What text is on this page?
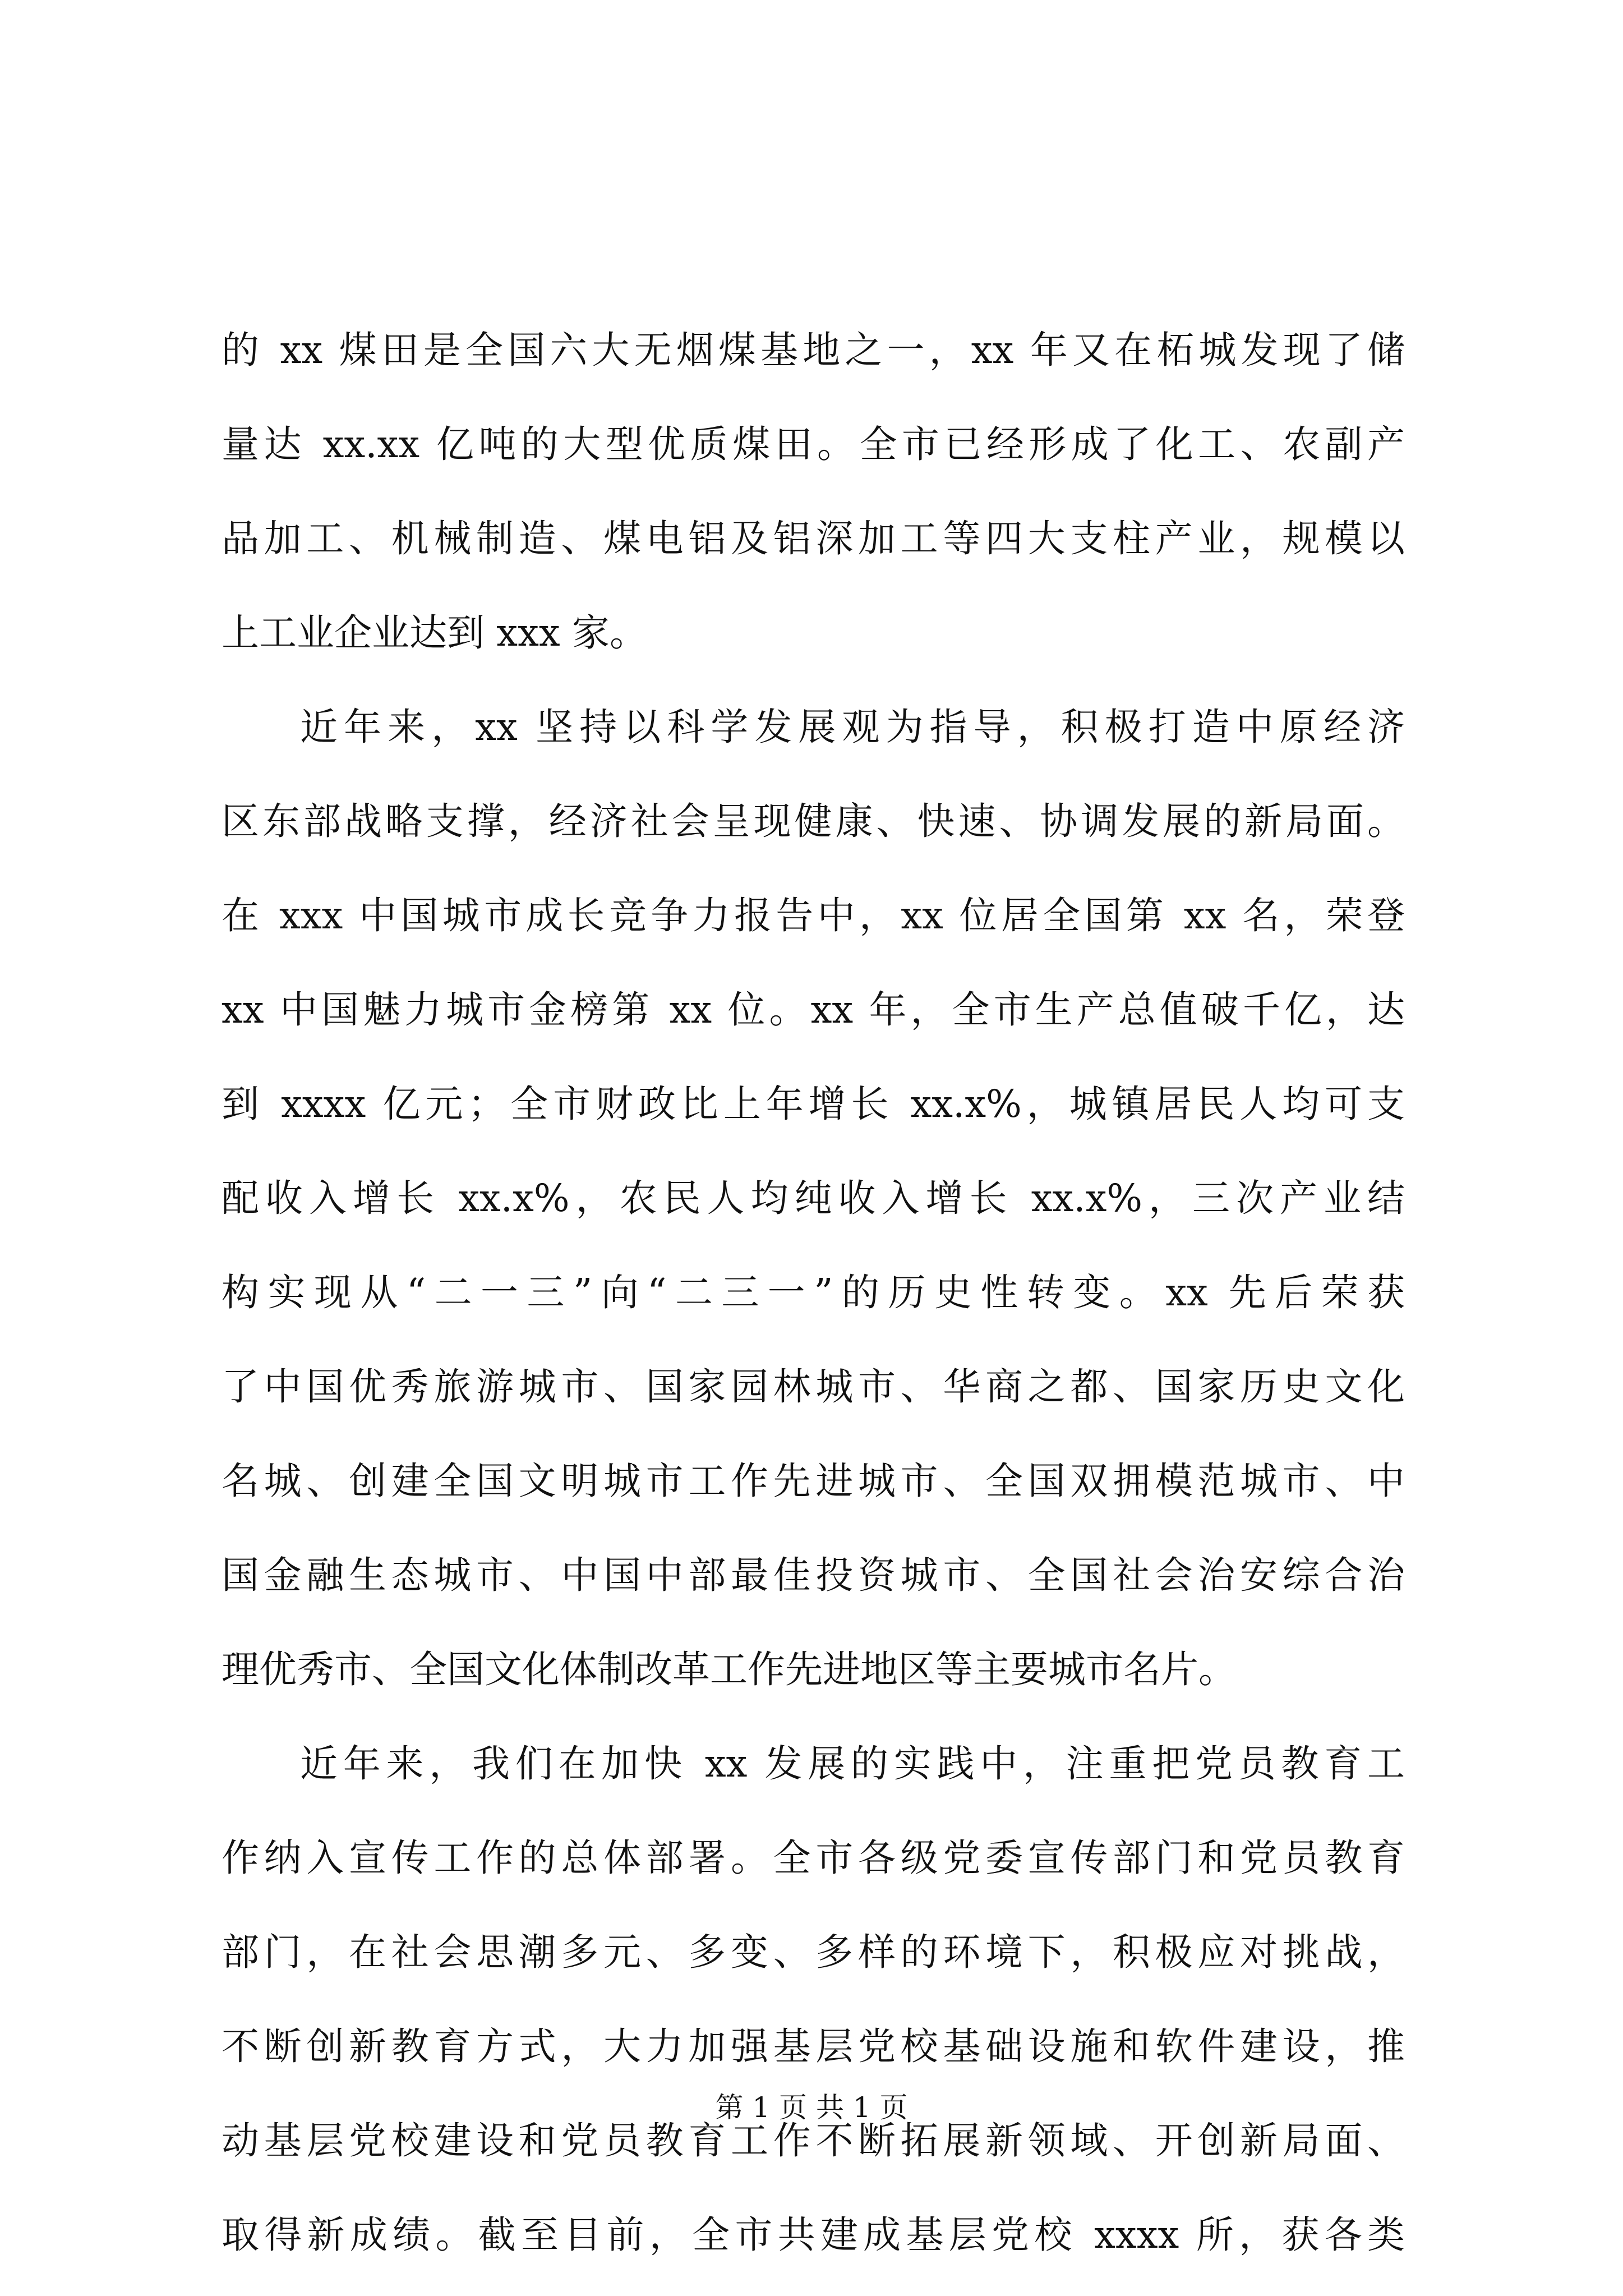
的 xx 煤田是全国六大无烟煤基地之一，xx 年又在柘城发现了储
量达 xx.xx 亿吨的大型优质煤田。全市已经形成了化工、农副产
品加工、机械制造、煤电铝及铝深加工等四大支柱产业，规模以
上工业企业达到 xxx 家。
近年来，xx 坚持以科学发展观为指导，积极打造中原经济
区东部战略支撑，经济社会呈现健康、快速、协调发展的新局面。
在 xxx 中国城市成长竞争力报告中，xx 位居全国第 xx 名，荣登
xx 中国魅力城市金榜第 xx 位。xx 年，全市生产总值破千亿，达
到 xxxx 亿元；全市财政比上年增长 xx.x%，城镇居民人均可支
配收入增长 xx.x%，农民人均纯收入增长 xx.x%，三次产业结
构实现从“二一三”向“二三一”的历史性转变。xx 先后荣获
了中国优秀旅游城市、国家园林城市、华商之都、国家历史文化
名城、创建全国文明城市工作先进城市、全国双拥模范城市、中
国金融生态城市、中国中部最佳投资城市、全国社会治安综合治
理优秀市、全国文化体制改革工作先进地区等主要城市名片。
近年来，我们在加快 xx 发展的实践中，注重把党员教育工
作纳入宣传工作的总体部署。全市各级党委宣传部门和党员教育
部门，在社会思潮多元、多变、多样的环境下，积极应对挑战，
不断创新教育方式，大力加强基层党校基础设施和软件建设，推
动基层党校建设和党员教育工作不断拓展新领域、开创新局面、
取得新成绩。截至目前，全市共建成基层党校 xxxx 所，获各类
第 1 页 共 1 页
